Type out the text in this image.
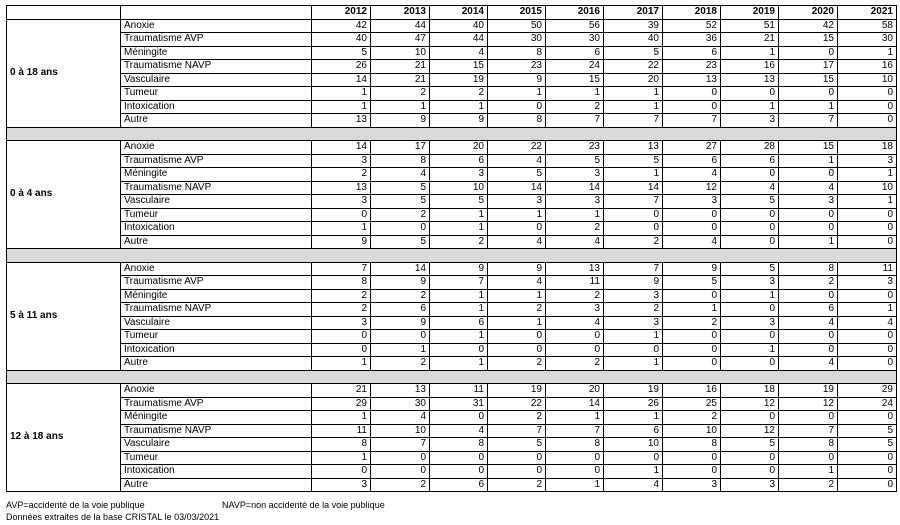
		2012	2013	2014	2015	2016	2017	2018	2019	2020	2021
0 à 18 ans	Anoxie	42	44	40	50	56	39	52	51	42	58
	Traumatisme AVP	40	47	44	30	30	40	36	21	15	30
	Méningite	5	10	4	8	6	5	6	1	0	1
	Traumatisme NAVP	26	21	15	23	24	22	23	16	17	16
	Vasculaire	14	21	19	9	15	20	13	13	15	10
	Tumeur	1	2	2	1	1	1	0	0	0	0
	Intoxication	1	1	1	0	2	1	0	1	1	0
	Autre	13	9	9	8	7	7	7	3	7	0

0 à 4 ans	Anoxie	14	17	20	22	23	13	27	28	15	18
	Traumatisme AVP	3	8	6	4	5	5	6	6	1	3
	Méningite	2	4	3	5	3	1	4	0	0	1
	Traumatisme NAVP	13	5	10	14	14	14	12	4	4	10
	Vasculaire	3	5	5	3	3	7	3	5	3	1
	Tumeur	0	2	1	1	1	0	0	0	0	0
	Intoxication	1	0	1	0	2	0	0	0	0	0
	Autre	9	5	2	4	4	2	4	0	1	0

5 à 11 ans	Anoxie	7	14	9	9	13	7	9	5	8	11
	Traumatisme AVP	8	9	7	4	11	9	5	3	2	3
	Méningite	2	2	1	1	2	3	0	1	0	0
	Traumatisme NAVP	2	6	1	2	3	2	1	0	6	1
	Vasculaire	3	9	6	1	4	3	2	3	4	4
	Tumeur	0	0	1	0	0	1	0	0	0	0
	Intoxication	0	1	0	0	0	0	0	1	0	0
	Autre	1	2	1	2	2	1	0	0	4	0

12 à 18 ans	Anoxie	21	13	11	19	20	19	16	18	19	29
	Traumatisme AVP	29	30	31	22	14	26	25	12	12	24
	Méningite	1	4	0	2	1	1	2	0	0	0
	Traumatisme NAVP	11	10	4	7	7	6	10	12	7	5
	Vasculaire	8	7	8	5	8	10	8	5	8	5
	Tumeur	1	0	0	0	0	0	0	0	0	0
	Intoxication	0	0	0	0	0	1	0	0	1	0
	Autre	3	2	6	2	1	4	3	3	2	0
AVP=accidenté de la voie publique	NAVP=non accidenté de la voie publique
Données extraites de la base CRISTAL le 03/03/2021
